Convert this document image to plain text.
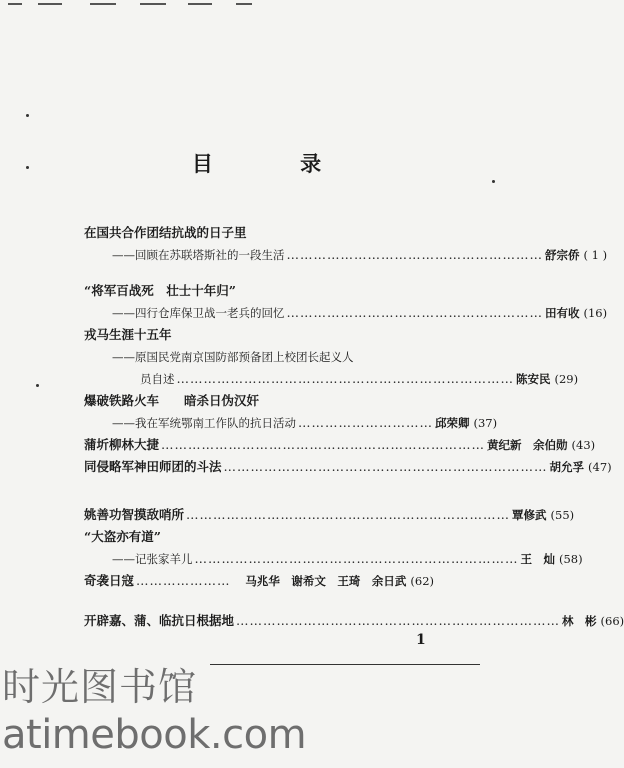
目 录
在国共合作团结抗战的日子里
——回顾在苏联塔斯社的一段生活 ………………………………………………… 舒宗侨 ( 1 )
“将军百战死　壮士十年归”
——四行仓库保卫战一老兵的回忆 ………………………………………………… 田有收 (16)
戎马生涯十五年
——原国民党南京国防部预备团上校团长起义人
员自述 ………………………………………………………………… 陈安民 (29)
爆破铁路火车　　暗杀日伪汉奸
——我在军统鄂南工作队的抗日活动 ………………………… 邱荣卿 (37)
蒲圻柳林大捷 ……………………………………………………………… 黄纪新　余伯勋 (43)
同侵略军神田师团的斗法 ……………………………………………………………… 胡允孚 (47)
姚善功智摸敌哨所 ……………………………………………………………… 覃修武 (55)
“大盗亦有道”
——记张家羊儿 ……………………………………………………………… 王　灿 (58)
奇袭日寇 …………………	马兆华　谢希文　王琦　余日武 (62)
开辟嘉、蒲、临抗日根据地 ……………………………………………………………… 林　彬 (66)
1
时光图书馆
atimebook.com
